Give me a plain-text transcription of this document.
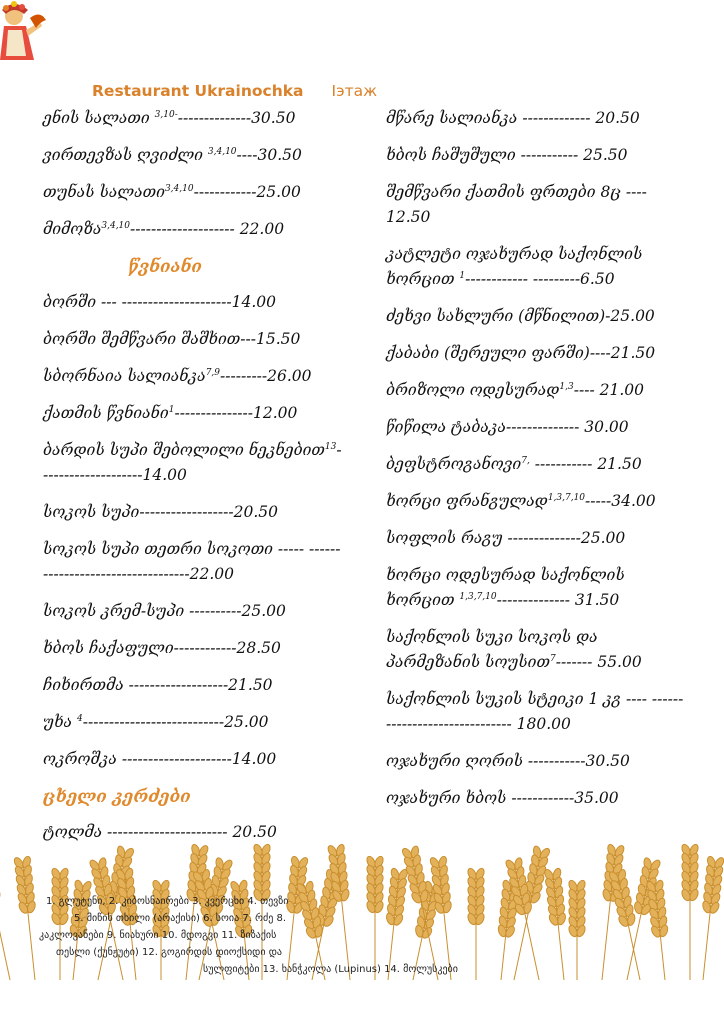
Restaurant Ukrainochka Iэтаж
ენის სალათი $^{3,10-}$--------------30.50
ვირთევზას ღვიძლი $^{3,4,10}$----30.50
თუნას სალათი$^{3,4,10}$------------25.00
მიმოზა$^{3,4,10}$-------------------- 22.00
წვნიანი
ბორში --- ---------------------14.00
ბორში შემწვარი შაშხით---15.50
სბორნაია სალიანკა$^{7,9}$---------26.00
ქათმის წვნიანი$^1$---------------12.00
ბარდის სუპი შებოლილი ნეკნებით$^{13}$--------------------14.00
სოკოს სუპი------------------20.50
სოკოს სუპი თეთრი სოკოთი ----- ----------------------------------22.00
სოკოს კრემ-სუპი ----------25.00
ხბოს ჩაქაფული------------28.50
ჩიხირთმა -------------------21.50
უხა $^4$---------------------------25.00
ოკროშკა ---------------------14.00
ცხელი კერძები
ტოლმა ----------------------- 20.50
მწარე სალიანკა ------------- 20.50
ხბოს ჩაშუშული ----------- 25.50
შემწვარი ქათმის ფრთები 8ც ---- 12.50
კატლეტი ოჯახურად საქონლის ხორცით $^1$------------ ---------6.50
ძეხვი სახლური (მწნილით)-25.00
ქაბაბი (შერეული ფარში)----21.50
ბრიზოლი ოდესურად$^{1,3}$---- 21.00
წიწილა ტაბაკა-------------- 30.00
ბეფსტროგანოვი$^{7,}$ ----------- 21.50
ხორცი ფრანგულად$^{1,3,7,10}$-----34.00
სოფლის რაგუ --------------25.00
ხორცი ოდესურად საქონლის ხორცით $^{1,3,7,10}$-------------- 31.50
საქონლის სუკი სოკოს და პარმეზანის სოუსით$^7$------- 55.00
საქონლის სუკის სტეიკი 1 კგ ---- ------------------------------ 180.00
ოჯახური ღორის -----------30.50
ოჯახური ხბოს ------------35.00
1. გლუტენი, 2. კიბოსნაირები 3. კვერცხი 4. თევზი
5. მიწის თხილი (არაქისი) 6. სოია 7. რძე 8.
კაკლოვანები 9. ნიახური 10. მდოგვი 11. ზიზაქის
თესლი (ქუნჟუტი) 12. გოგირდის დიოქსიდი და
სულფიტები 13. ხანჭკოლა (Lupinus) 14. მოლუსკები
